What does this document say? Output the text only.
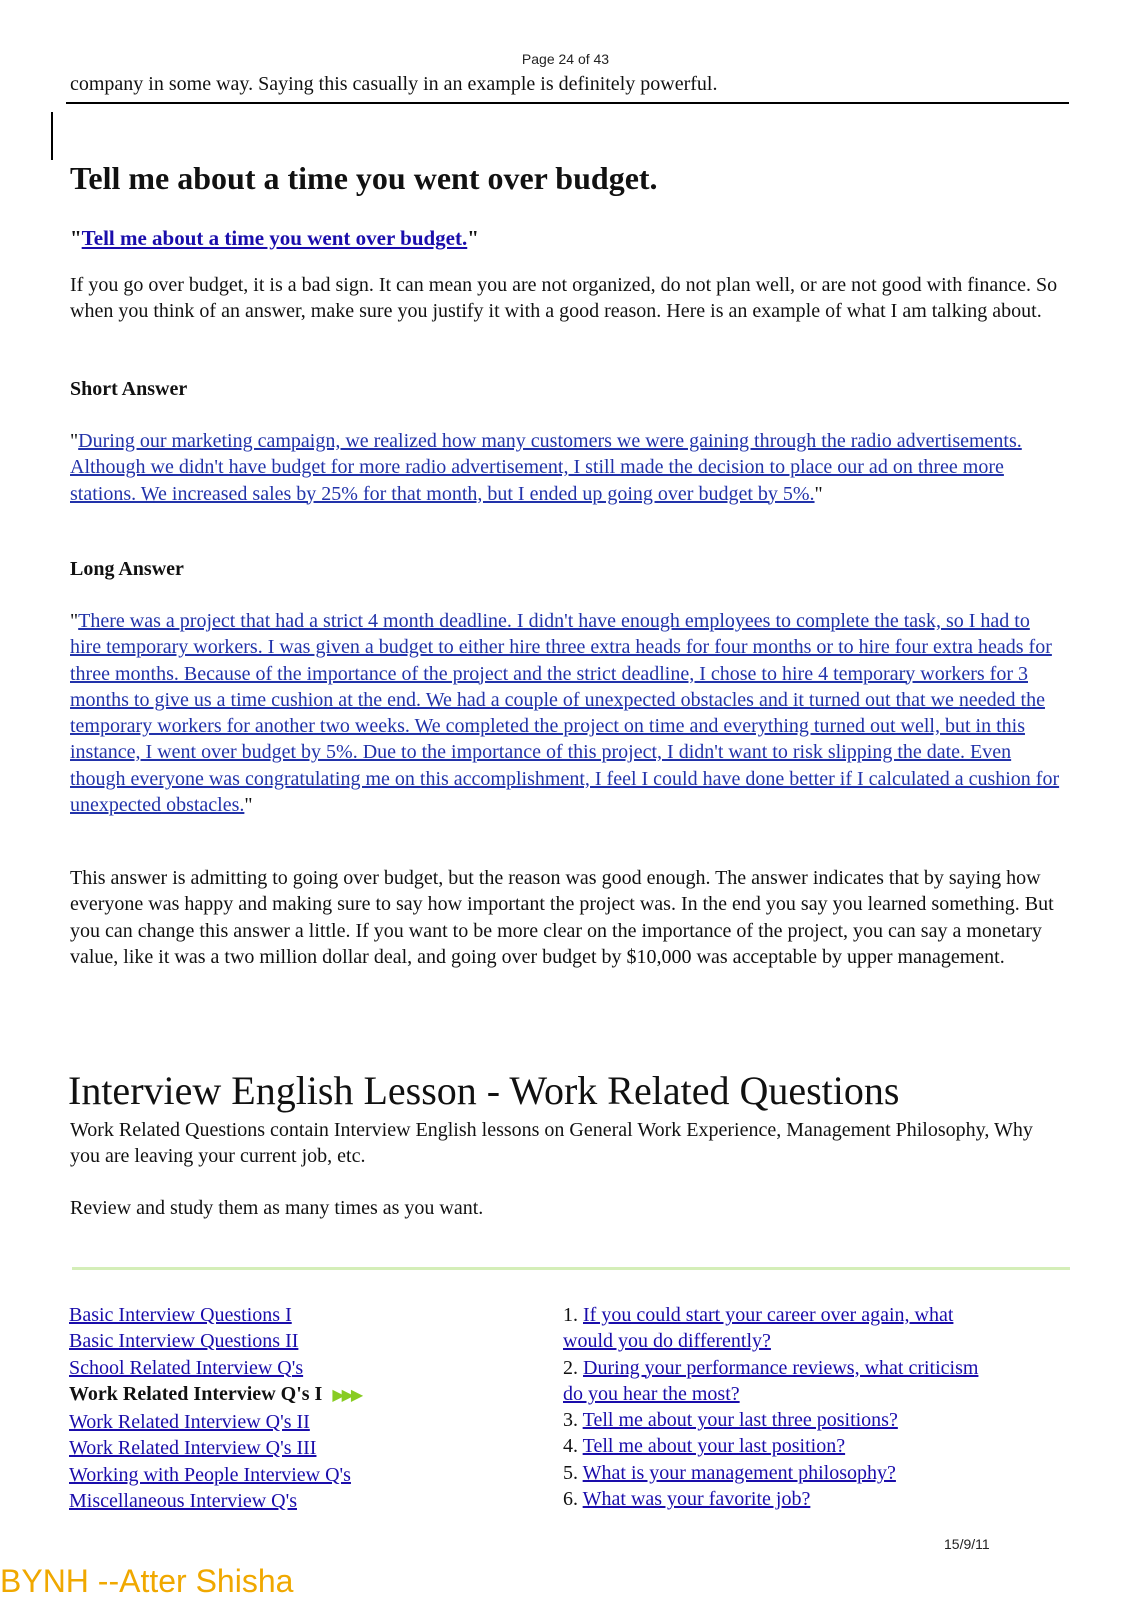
Page 24 of 43
company in some way. Saying this casually in an example is definitely powerful.
Tell me about a time you went over budget.
"Tell me about a time you went over budget."
If you go over budget, it is a bad sign. It can mean you are not organized, do not plan well, or are not good with finance. So when you think of an answer, make sure you justify it with a good reason. Here is an example of what I am talking about.
Short Answer
"During our marketing campaign, we realized how many customers we were gaining through the radio advertisements. Although we didn't have budget for more radio advertisement, I still made the decision to place our ad on three more stations. We increased sales by 25% for that month, but I ended up going over budget by 5%."
Long Answer
"There was a project that had a strict 4 month deadline. I didn't have enough employees to complete the task, so I had to hire temporary workers. I was given a budget to either hire three extra heads for four months or to hire four extra heads for three months. Because of the importance of the project and the strict deadline, I chose to hire 4 temporary workers for 3 months to give us a time cushion at the end. We had a couple of unexpected obstacles and it turned out that we needed the temporary workers for another two weeks. We completed the project on time and everything turned out well, but in this instance, I went over budget by 5%. Due to the importance of this project, I didn't want to risk slipping the date. Even though everyone was congratulating me on this accomplishment, I feel I could have done better if I calculated a cushion for unexpected obstacles."
This answer is admitting to going over budget, but the reason was good enough. The answer indicates that by saying how everyone was happy and making sure to say how important the project was. In the end you say you learned something. But you can change this answer a little. If you want to be more clear on the importance of the project, you can say a monetary value, like it was a two million dollar deal, and going over budget by $10,000 was acceptable by upper management.
Interview English Lesson - Work Related Questions
Work Related Questions contain Interview English lessons on General Work Experience, Management Philosophy, Why you are leaving your current job, etc.
Review and study them as many times as you want.
Basic Interview Questions I
Basic Interview Questions II
School Related Interview Q's
Work Related Interview Q's I ▶▶▶
Work Related Interview Q's II
Work Related Interview Q's III
Working with People Interview Q's
Miscellaneous Interview Q's
1. If you could start your career over again, what
would you do differently?
2. During your performance reviews, what criticism
do you hear the most?
3. Tell me about your last three positions?
4. Tell me about your last position?
5. What is your management philosophy?
6. What was your favorite job?
15/9/11
BYNH --Atter Shisha
